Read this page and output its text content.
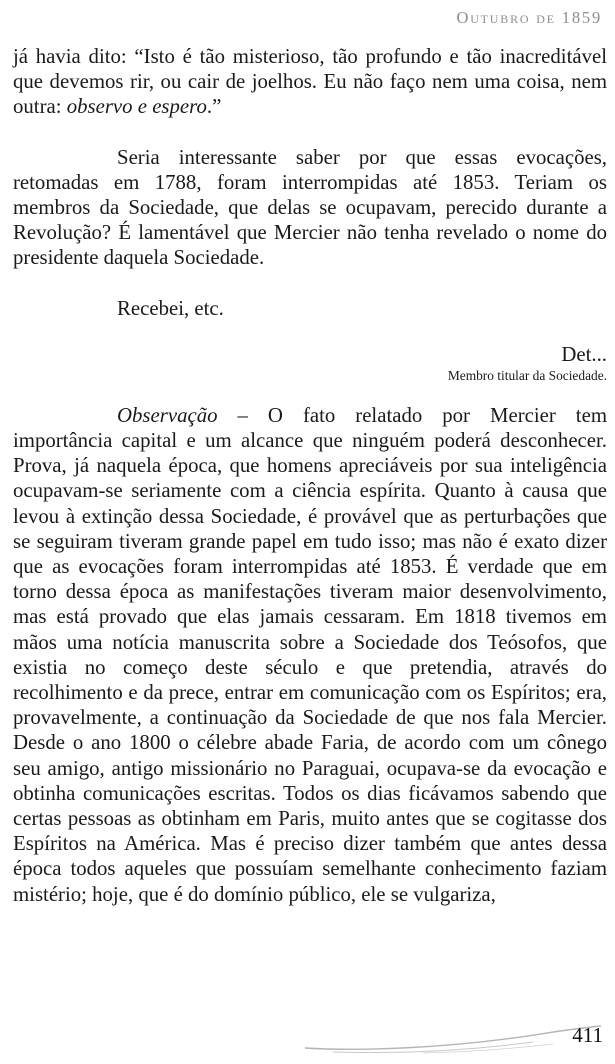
Outubro de 1859

já havia dito: “Isto é tão misterioso, tão profundo e tão inacreditável que devemos rir, ou cair de joelhos. Eu não faço nem uma coisa, nem outra: observo e espero.”

Seria interessante saber por que essas evocações, retomadas em 1788, foram interrompidas até 1853. Teriam os membros da Sociedade, que delas se ocupavam, perecido durante a Revolução? É lamentável que Mercier não tenha revelado o nome do presidente daquela Sociedade.

Recebei, etc.

Det...
Membro titular da Sociedade.

Observação – O fato relatado por Mercier tem importância capital e um alcance que ninguém poderá desconhecer. Prova, já naquela época, que homens apreciáveis por sua inteligência ocupavam-se seriamente com a ciência espírita. Quanto à causa que levou à extinção dessa Sociedade, é provável que as perturbações que se seguiram tiveram grande papel em tudo isso; mas não é exato dizer que as evocações foram interrompidas até 1853. É verdade que em torno dessa época as manifestações tiveram maior desenvolvimento, mas está provado que elas jamais cessaram. Em 1818 tivemos em mãos uma notícia manuscrita sobre a Sociedade dos Teósofos, que existia no começo deste século e que pretendia, através do recolhimento e da prece, entrar em comunicação com os Espíritos; era, provavelmente, a continuação da Sociedade de que nos fala Mercier. Desde o ano 1800 o célebre abade Faria, de acordo com um cônego seu amigo, antigo missionário no Paraguai, ocupava-se da evocação e obtinha comunicações escritas. Todos os dias ficávamos sabendo que certas pessoas as obtinham em Paris, muito antes que se cogitasse dos Espíritos na América. Mas é preciso dizer também que antes dessa época todos aqueles que possuíam semelhante conhecimento faziam mistério; hoje, que é do domínio público, ele se vulgariza,

411
